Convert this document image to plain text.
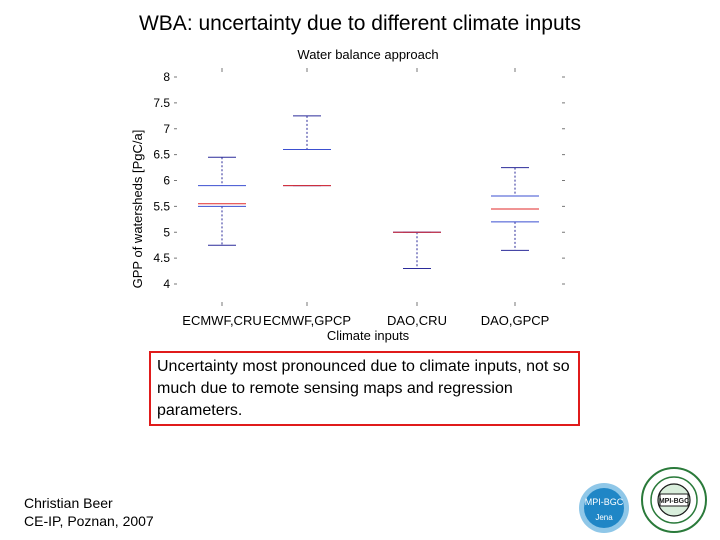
WBA: uncertainty due to different climate inputs
Water balance approach
4
4.5
5
5.5
6
6.5
7
7.5
8
ECMWF,CRU ECMWF,GPCP	DAO,CRU	DAO,GPCP
Climate inputs
GPP of watersheds [PgC/a]
Uncertainty most pronounced due to climate inputs, not so much due to remote sensing maps and regression parameters.
Christian Beer
CE-IP, Poznan, 2007
MPI-BGC
Jena
MPI-BGC
